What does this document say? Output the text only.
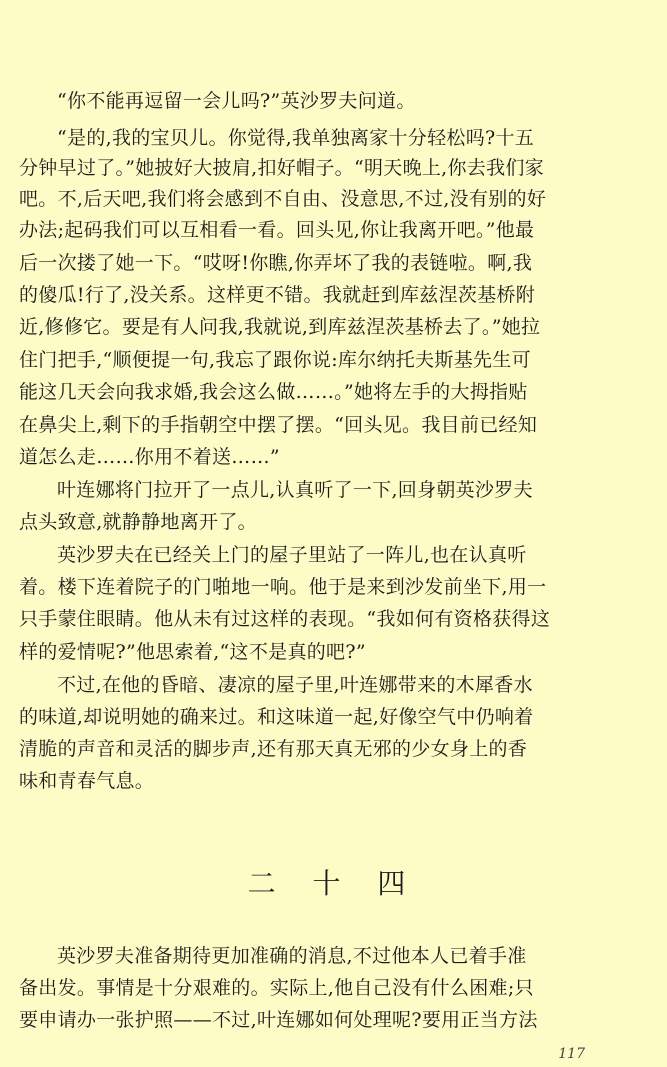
“你不能再逗留一会儿吗?”英沙罗夫问道。
“是的,我的宝贝儿。你觉得,我单独离家十分轻松吗?十五
分钟早过了。”她披好大披肩,扣好帽子。“明天晚上,你去我们家
吧。不,后天吧,我们将会感到不自由、没意思,不过,没有别的好
办法;起码我们可以互相看一看。回头见,你让我离开吧。”他最
后一次搂了她一下。“哎呀!你瞧,你弄坏了我的表链啦。啊,我
的傻瓜!行了,没关系。这样更不错。我就赶到库兹涅茨基桥附
近,修修它。要是有人问我,我就说,到库兹涅茨基桥去了。”她拉
住门把手,“顺便提一句,我忘了跟你说:库尔纳托夫斯基先生可
能这几天会向我求婚,我会这么做……。”她将左手的大拇指贴
在鼻尖上,剩下的手指朝空中摆了摆。“回头见。我目前已经知
道怎么走……你用不着送……”
叶连娜将门拉开了一点儿,认真听了一下,回身朝英沙罗夫
点头致意,就静静地离开了。
英沙罗夫在已经关上门的屋子里站了一阵儿,也在认真听
着。楼下连着院子的门啪地一响。他于是来到沙发前坐下,用一
只手蒙住眼睛。他从未有过这样的表现。“我如何有资格获得这
样的爱情呢?”他思索着,“这不是真的吧?”
不过,在他的昏暗、凄凉的屋子里,叶连娜带来的木犀香水
的味道,却说明她的确来过。和这味道一起,好像空气中仍响着
清脆的声音和灵活的脚步声,还有那天真无邪的少女身上的香
味和青春气息。
二 十 四
英沙罗夫准备期待更加准确的消息,不过他本人已着手准
备出发。事情是十分艰难的。实际上,他自己没有什么困难;只
要申请办一张护照——不过,叶连娜如何处理呢?要用正当方法
117
